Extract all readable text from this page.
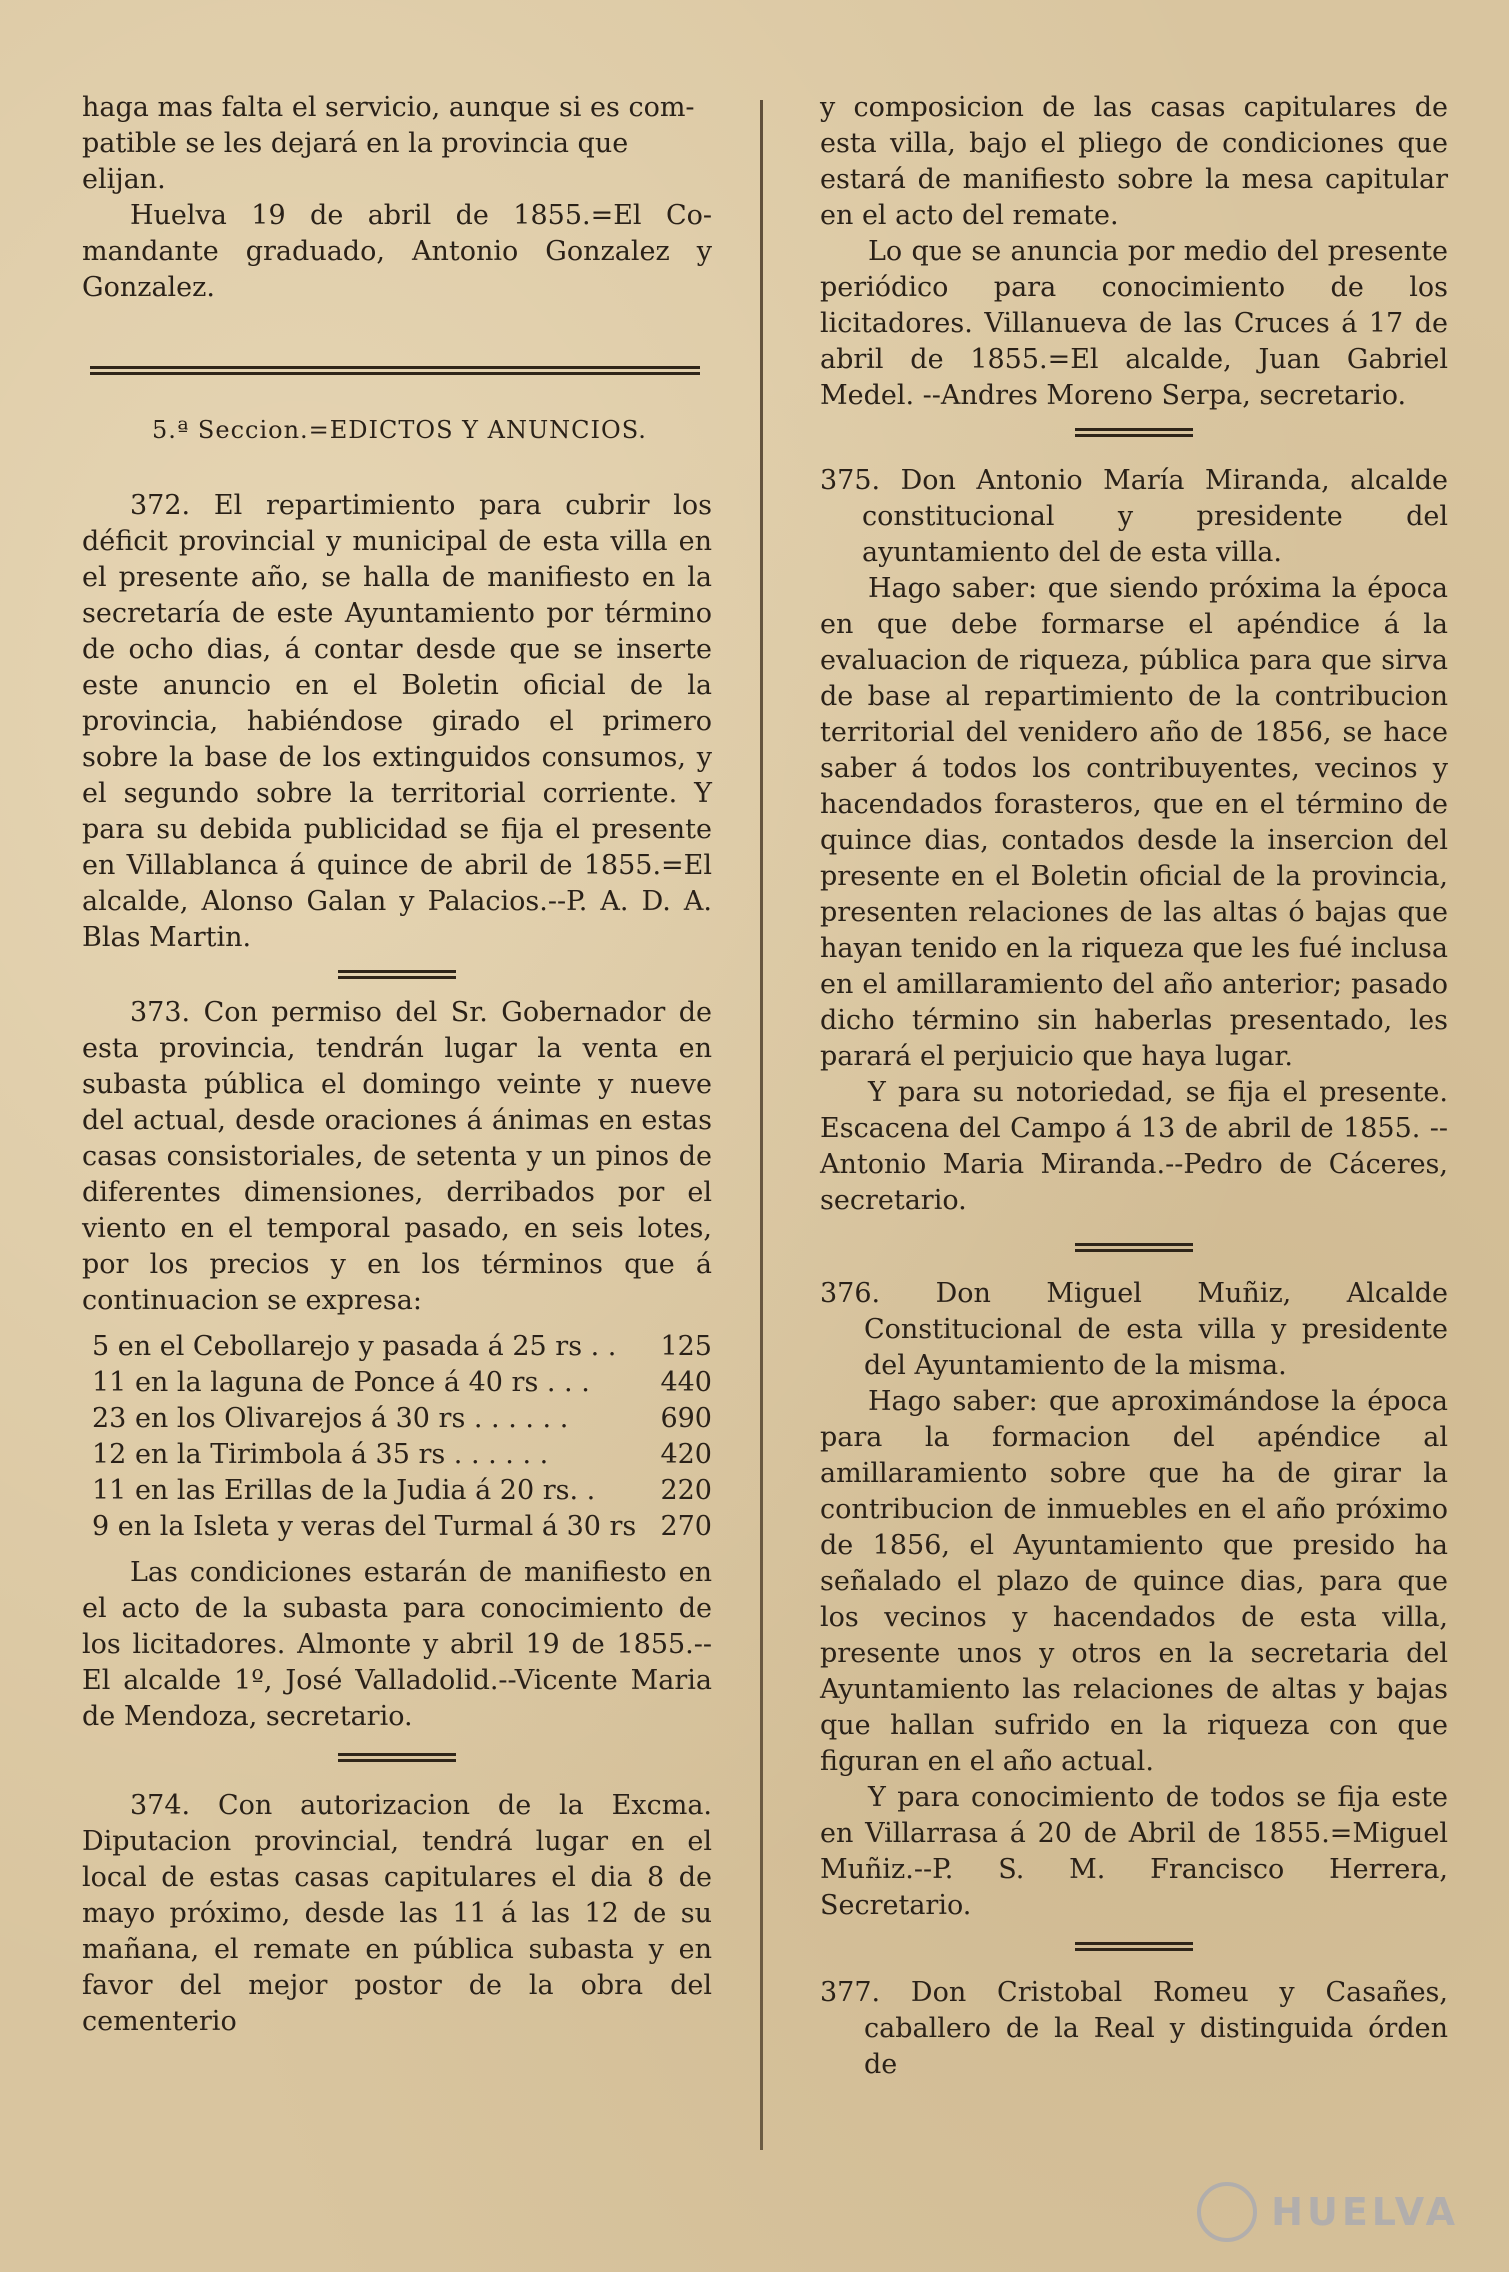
haga mas falta el servicio, aunque si es com-
patible se les dejará en la provincia que
elijan.

Huelva 19 de abril de 1855.=El Co- mandante graduado, Antonio Gonzalez y Gonzalez.

5.ª Seccion.=EDICTOS Y ANUNCIOS.

372. El repartimiento para cubrir los déficit provincial y municipal de esta villa en el presente año, se halla de manifiesto en la secretaría de este Ayuntamiento por término de ocho dias, á contar desde que se inserte este anuncio en el Boletin oficial de la provincia, habiéndose girado el primero sobre la base de los extinguidos consumos, y el segundo sobre la territorial corriente. Y para su debida publicidad se fija el presente en Villablanca á quince de abril de 1855.=El alcalde, Alonso Galan y Palacios.--P. A. D. A. Blas Martin.

373. Con permiso del Sr. Gobernador de esta provincia, tendrán lugar la venta en subasta pública el domingo veinte y nueve del actual, desde oraciones á ánimas en estas casas consistoriales, de setenta y un pinos de diferentes dimensiones, derribados por el viento en el temporal pasado, en seis lotes, por los precios y en los términos que á continuacion se expresa:

5 en el Cebollarejo y pasada á 25 rs . .	125
11 en la laguna de Ponce á 40 rs . . .	440
23 en los Olivarejos á 30 rs . . . . . .	690
12 en la Tirimbola á 35 rs . . . . . .	420
11 en las Erillas de la Judia á 20 rs. .	220
9 en la Isleta y veras del Turmal á 30 rs 270

Las condiciones estarán de manifiesto en el acto de la subasta para conocimiento de los licitadores. Almonte y abril 19 de 1855.--El alcalde 1º, José Valladolid.--Vicente Maria de Mendoza, secretario.

374. Con autorizacion de la Excma. Diputacion provincial, tendrá lugar en el local de estas casas capitulares el dia 8 de mayo próximo, desde las 11 á las 12 de su mañana, el remate en pública subasta y en favor del mejor postor de la obra del cementerio

y composicion de las casas capitulares de esta villa, bajo el pliego de condiciones que estará de manifiesto sobre la mesa capitular en el acto del remate.

Lo que se anuncia por medio del presente periódico para conocimiento de los licitadores. Villanueva de las Cruces á 17 de abril de 1855.=El alcalde, Juan Gabriel Medel. --Andres Moreno Serpa, secretario.

375. Don Antonio María Miranda, alcalde constitucional y presidente del ayuntamiento del de esta villa.

Hago saber: que siendo próxima la época en que debe formarse el apéndice á la evaluacion de riqueza, pública para que sirva de base al repartimiento de la contribucion territorial del venidero año de 1856, se hace saber á todos los contribuyentes, vecinos y hacendados forasteros, que en el término de quince dias, contados desde la insercion del presente en el Boletin oficial de la provincia, presenten relaciones de las altas ó bajas que hayan tenido en la riqueza que les fué inclusa en el amillaramiento del año anterior; pasado dicho término sin haberlas presentado, les parará el perjuicio que haya lugar.

Y para su notoriedad, se fija el presente. Escacena del Campo á 13 de abril de 1855. --Antonio Maria Miranda.--Pedro de Cáceres, secretario.

376. Don Miguel Muñiz, Alcalde Constitucional de esta villa y presidente del Ayuntamiento de la misma.

Hago saber: que aproximándose la época para la formacion del apéndice al amillaramiento sobre que ha de girar la contribucion de inmuebles en el año próximo de 1856, el Ayuntamiento que presido ha señalado el plazo de quince dias, para que los vecinos y hacendados de esta villa, presente unos y otros en la secretaria del Ayuntamiento las relaciones de altas y bajas que hallan sufrido en la riqueza con que figuran en el año actual.

Y para conocimiento de todos se fija este en Villarrasa á 20 de Abril de 1855.=Miguel Muñiz.--P. S. M. Francisco Herrera, Secretario.

377. Don Cristobal Romeu y Casañes, caballero de la Real y distinguida órden de

HUELVA
